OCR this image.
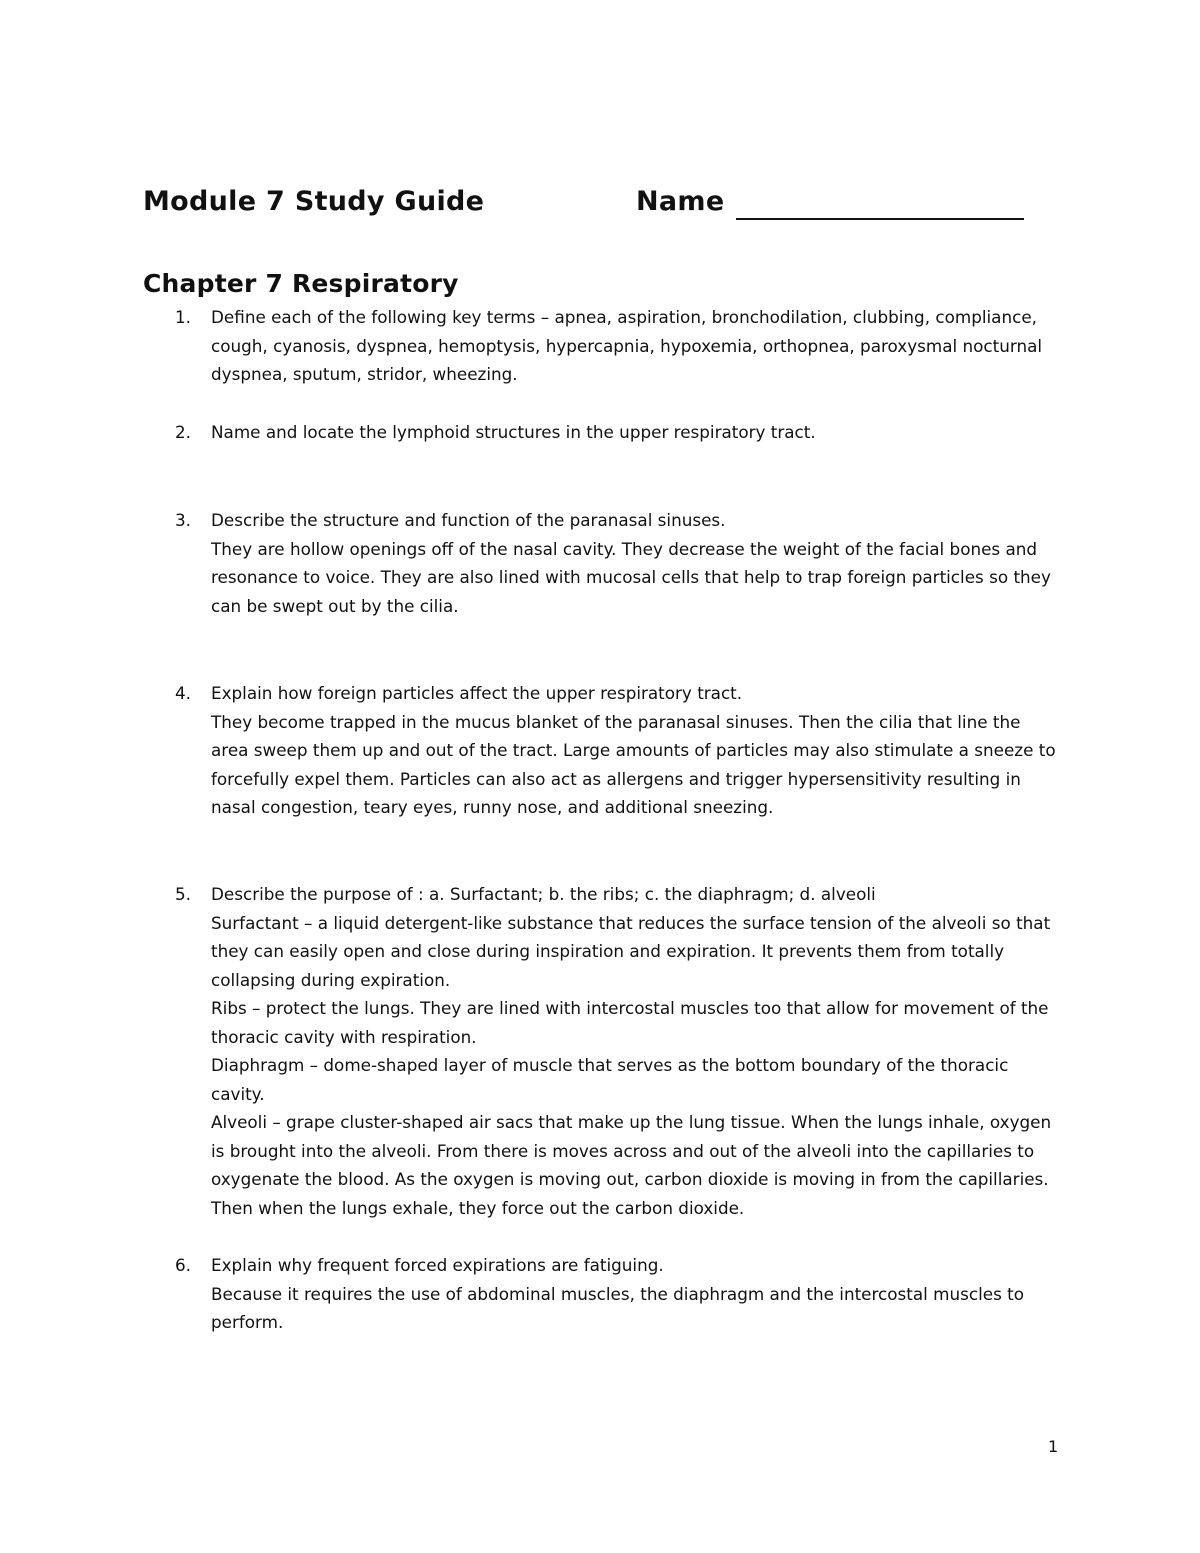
Module 7 Study Guide	Name
Chapter 7 Respiratory
1.	Define each of the following key terms – apnea, aspiration, bronchodilation, clubbing, compliance, cough, cyanosis, dyspnea, hemoptysis, hypercapnia, hypoxemia, orthopnea, paroxysmal nocturnal dyspnea, sputum, stridor, wheezing.

2.	Name and locate the lymphoid structures in the upper respiratory tract.

3.	Describe the structure and function of the paranasal sinuses.

They are hollow openings off of the nasal cavity. They decrease the weight of the facial bones and resonance to voice. They are also lined with mucosal cells that help to trap foreign particles so they can be swept out by the cilia.

4.	Explain how foreign particles affect the upper respiratory tract.

They become trapped in the mucus blanket of the paranasal sinuses. Then the cilia that line the area sweep them up and out of the tract. Large amounts of particles may also stimulate a sneeze to forcefully expel them. Particles can also act as allergens and trigger hypersensitivity resulting in nasal congestion, teary eyes, runny nose, and additional sneezing.

5.	Describe the purpose of : a. Surfactant; b. the ribs; c. the diaphragm; d. alveoli

Surfactant – a liquid detergent-like substance that reduces the surface tension of the alveoli so that they can easily open and close during inspiration and expiration. It prevents them from totally collapsing during expiration.

Ribs – protect the lungs. They are lined with intercostal muscles too that allow for movement of the thoracic cavity with respiration.

Diaphragm – dome-shaped layer of muscle that serves as the bottom boundary of the thoracic cavity.

Alveoli – grape cluster-shaped air sacs that make up the lung tissue. When the lungs inhale, oxygen is brought into the alveoli. From there is moves across and out of the alveoli into the capillaries to oxygenate the blood. As the oxygen is moving out, carbon dioxide is moving in from the capillaries. Then when the lungs exhale, they force out the carbon dioxide.

6.	Explain why frequent forced expirations are fatiguing.

Because it requires the use of abdominal muscles, the diaphragm and the intercostal muscles to perform.

1
